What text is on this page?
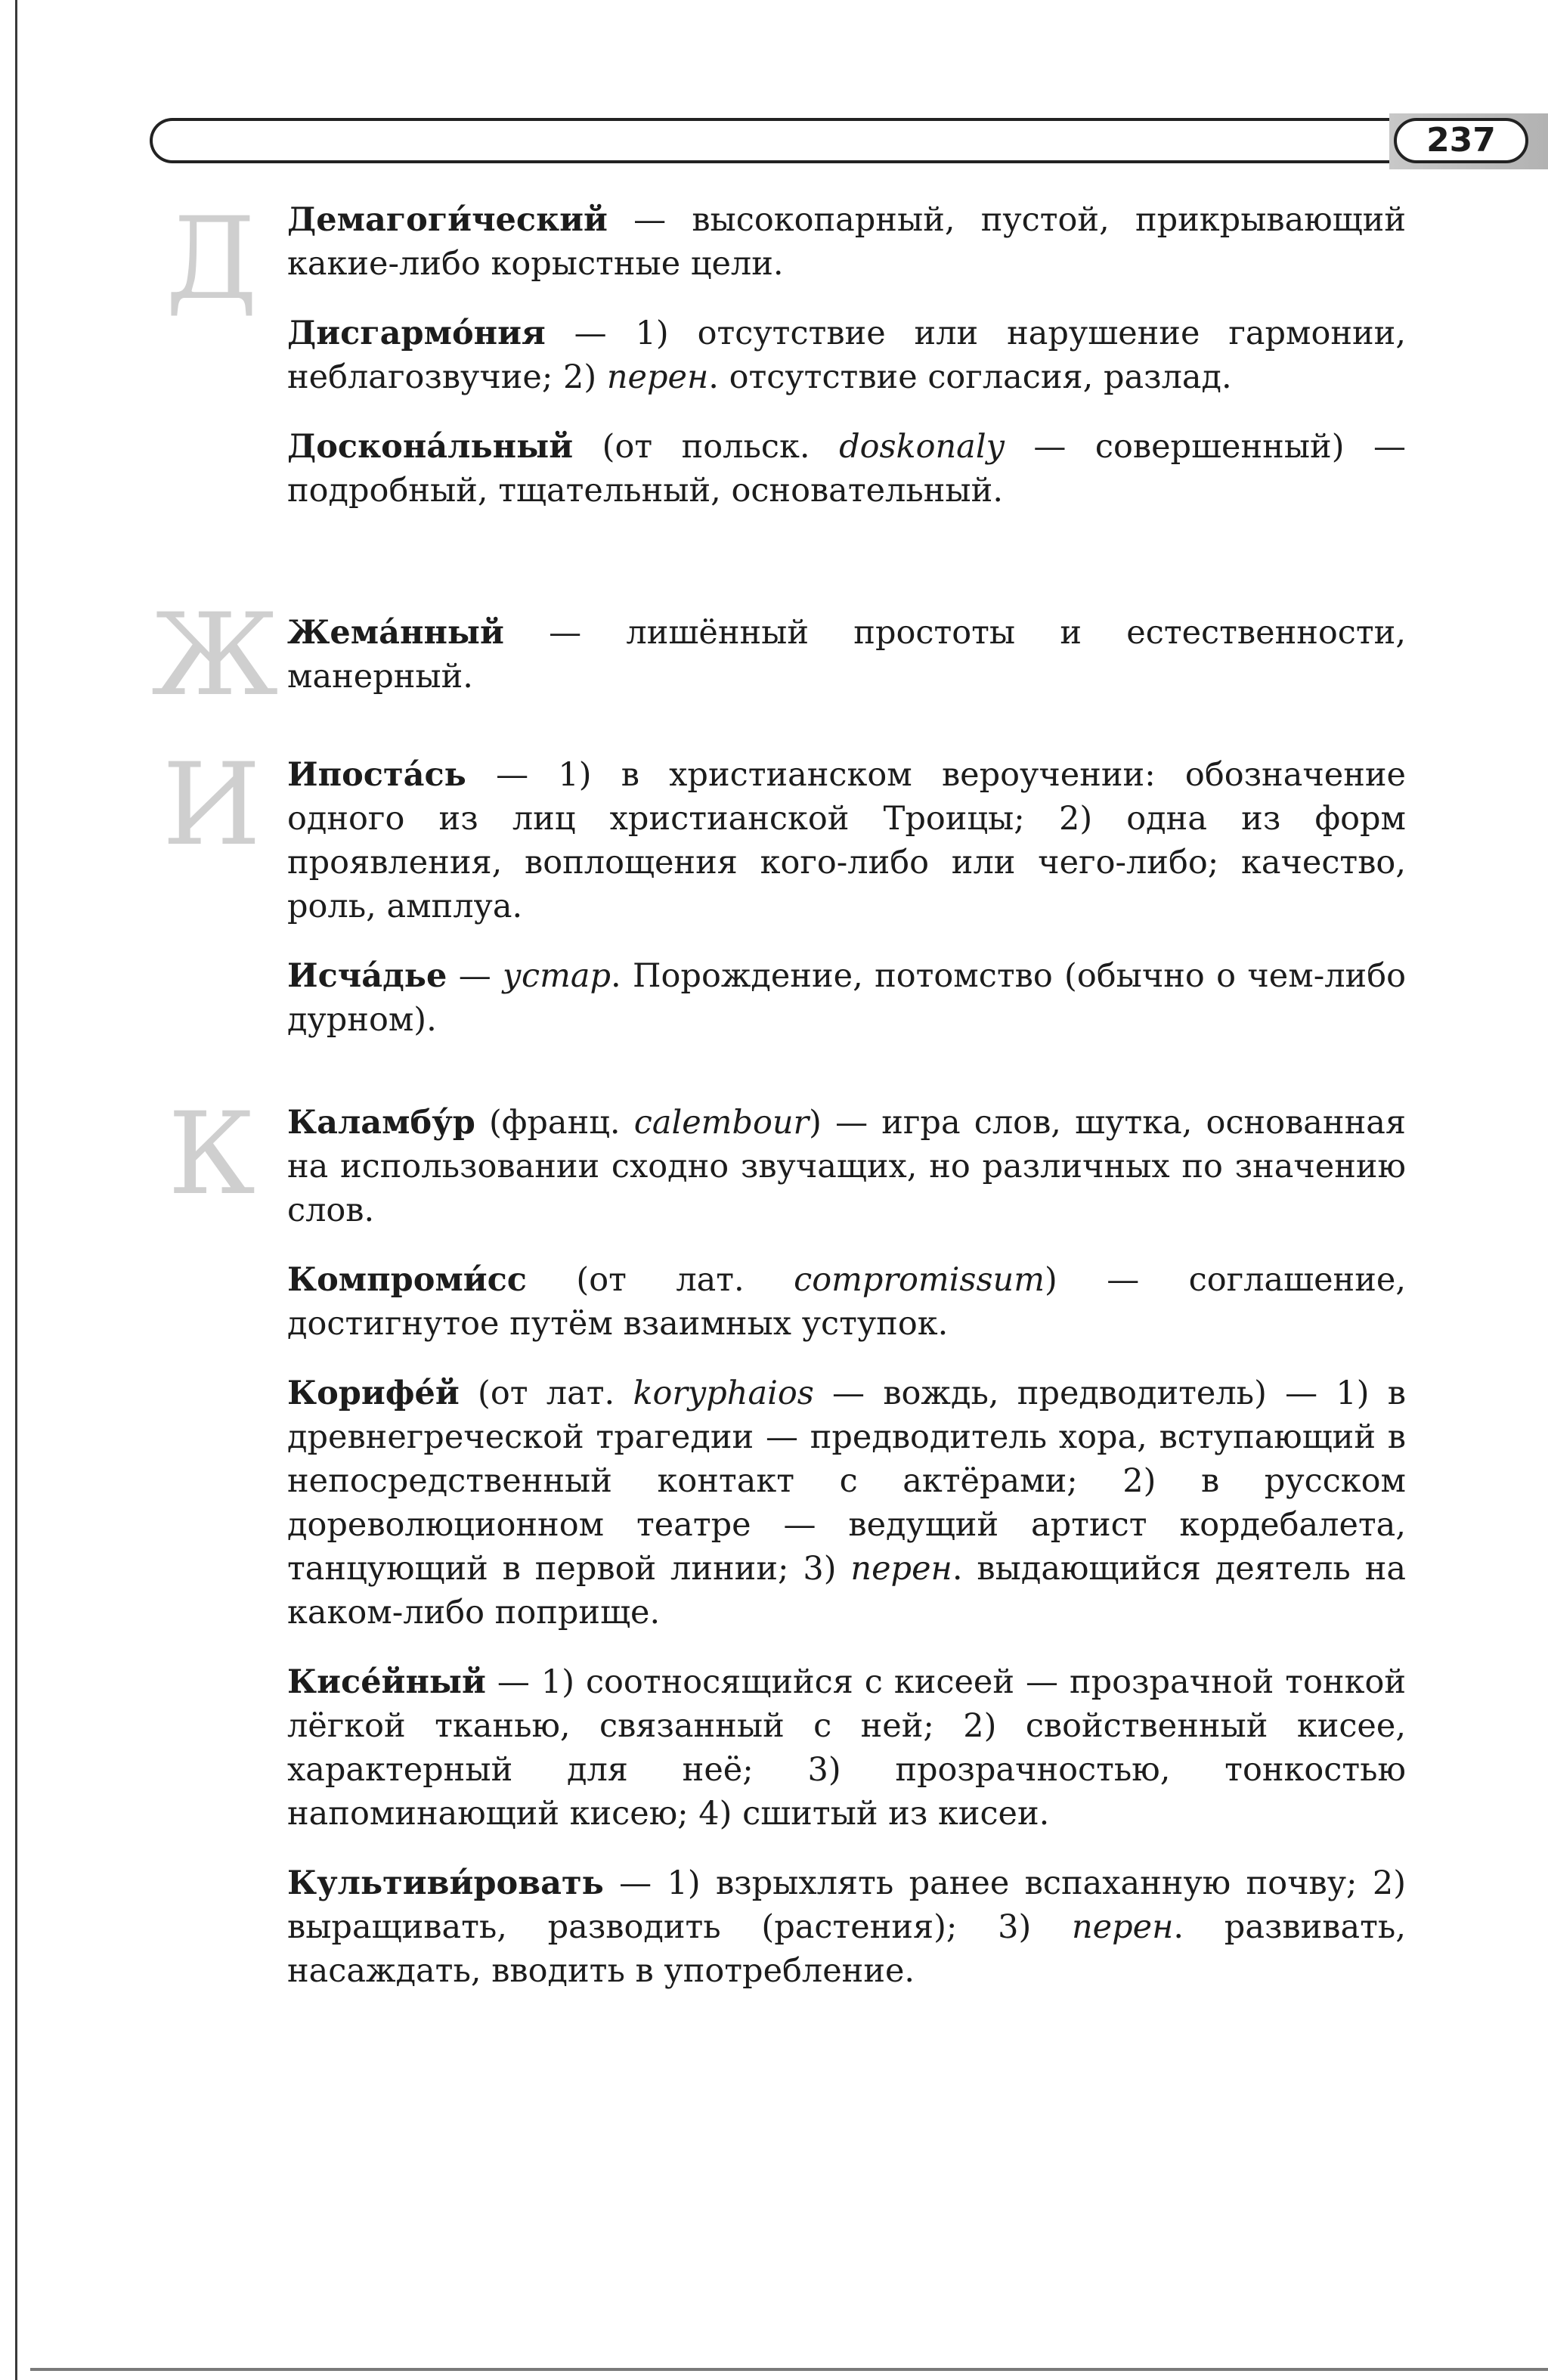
237
Д Демагоги́ческий — высокопарный, пустой, прикрывающий какие-либо корыстные цели.

Дисгармо́ния — 1) отсутствие или нарушение гармонии, неблагозвучие; 2) перен. отсутствие согласия, разлад.

Доскона́льный (от польск. doskonaly — совершенный) — подробный, тщательный, основательный.

Ж Жема́нный — лишённый простоты и естественности, манерный.

И Ипоста́сь — 1) в христианском вероучении: обозначение одного из лиц христианской Троицы; 2) одна из форм проявления, воплощения кого-либо или чего-либо; качество, роль, амплуа.

Исча́дье — устар. Порождение, потомство (обычно о чем-либо дурном).

К Каламбу́р (франц. calembour) — игра слов, шутка, основанная на использовании сходно звучащих, но различных по значению слов.

Компроми́сс (от лат. compromissum) — соглашение, достигнутое путём взаимных уступок.

Корифе́й (от лат. koryphaios — вождь, предводитель) — 1) в древнегреческой трагедии — предводитель хора, вступающий в непосредственный контакт с актёрами; 2) в русском дореволюционном театре — ведущий артист кордебалета, танцующий в первой линии; 3) перен. выдающийся деятель на каком-либо поприще.

Кисе́йный — 1) соотносящийся с кисеей — прозрачной тонкой лёгкой тканью, связанный с ней; 2) свойственный кисее, характерный для неё; 3) прозрачностью, тонкостью напоминающий кисею; 4) сшитый из кисеи.

Культиви́ровать — 1) взрыхлять ранее вспаханную почву; 2) выращивать, разводить (растения); 3) перен. развивать, насаждать, вводить в употребление.
